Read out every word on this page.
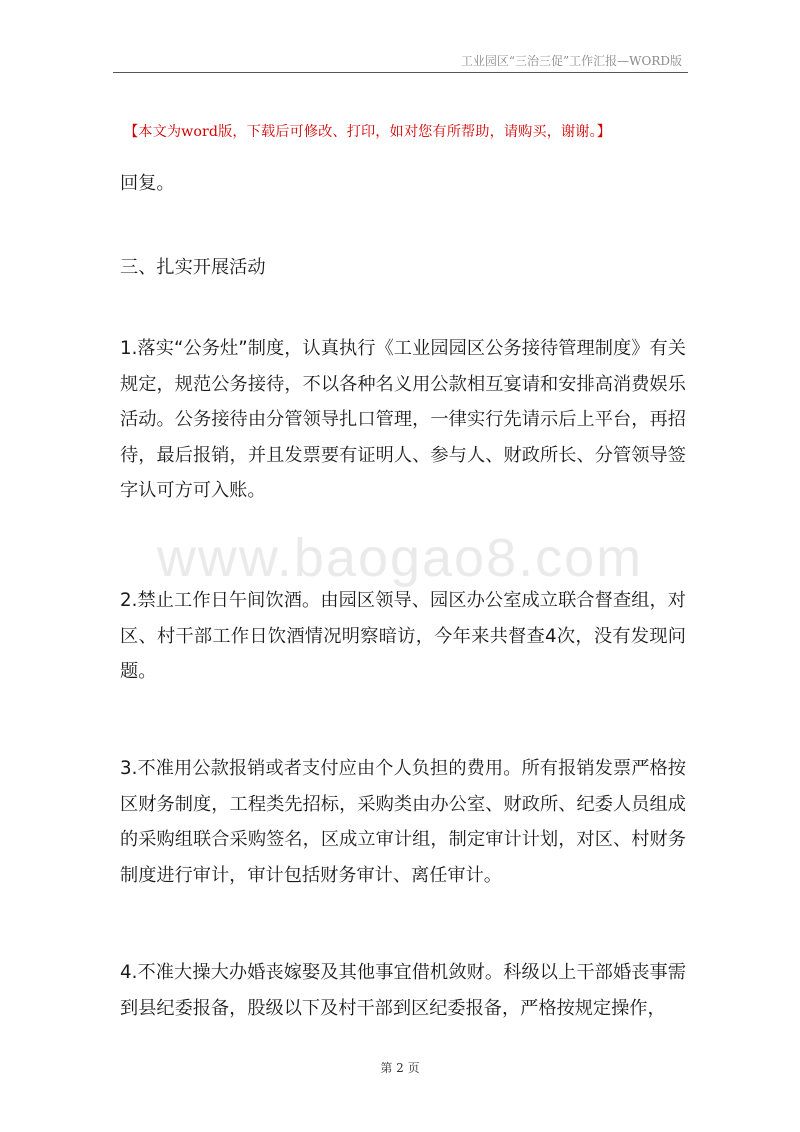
工业园区“三治三促”工作汇报—WORD版
【本文为word版，下载后可修改、打印，如对您有所帮助，请购买，谢谢。】

回复。

三、扎实开展活动

1.落实“公务灶”制度，认真执行《工业园园区公务接待管理制度》有关规定，规范公务接待，不以各种名义用公款相互宴请和安排高消费娱乐活动。公务接待由分管领导扎口管理，一律实行先请示后上平台，再招待，最后报销，并且发票要有证明人、参与人、财政所长、分管领导签字认可方可入账。

2.禁止工作日午间饮酒。由园区领导、园区办公室成立联合督查组，对区、村干部工作日饮酒情况明察暗访，今年来共督查4次，没有发现问题。

3.不准用公款报销或者支付应由个人负担的费用。所有报销发票严格按区财务制度，工程类先招标，采购类由办公室、财政所、纪委人员组成的采购组联合采购签名，区成立审计组，制定审计计划，对区、村财务制度进行审计，审计包括财务审计、离任审计。

4.不准大操大办婚丧嫁娶及其他事宜借机敛财。科级以上干部婚丧事需到县纪委报备，股级以下及村干部到区纪委报备，严格按规定操作，

www.baogao8.com
第 2 页
